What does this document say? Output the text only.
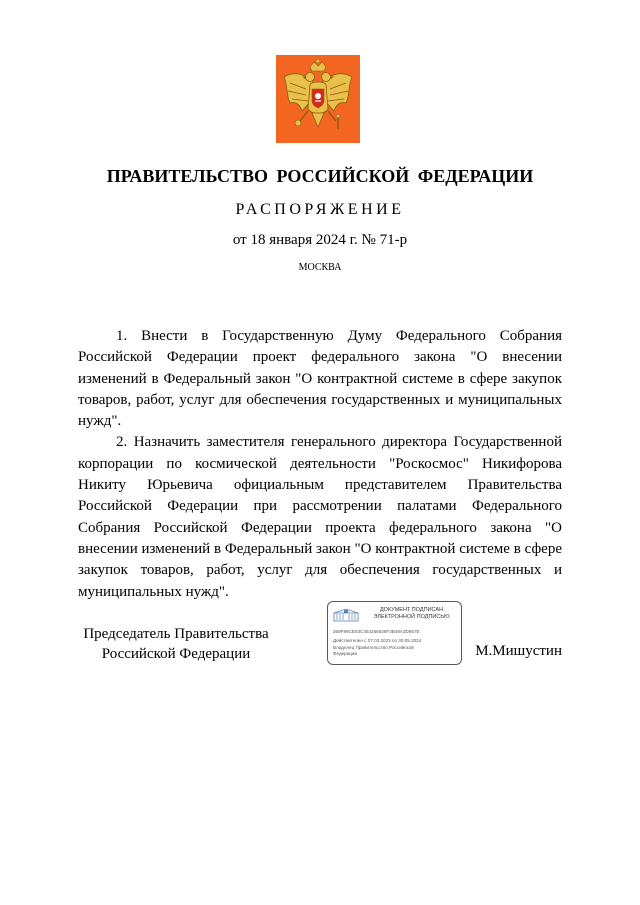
ПРАВИТЕЛЬСТВО РОССИЙСКОЙ ФЕДЕРАЦИИ
РАСПОРЯЖЕНИЕ
от 18 января 2024 г. № 71-р
МОСКВА

1. Внести в Государственную Думу Федерального Собрания Российской Федерации проект федерального закона "О внесении изменений в Федеральный закон "О контрактной системе в сфере закупок товаров, работ, услуг для обеспечения государственных и муниципальных нужд".

2. Назначить заместителя генерального директора Государственной корпорации по космической деятельности "Роскосмос" Никифорова Никиту Юрьевича официальным представителем Правительства Российской Федерации при рассмотрении палатами Федерального Собрания Российской Федерации проекта федерального закона "О внесении изменений в Федеральный закон "О контрактной системе в сфере закупок товаров, работ, услуг для обеспечения государственных и муниципальных нужд".

Председатель Правительства
Российской Федерации
ДОКУМЕНТ ПОДПИСАН
ЭЛЕКТРОННОЙ ПОДПИСЬЮ
269F99CE53C464266636F3B48A3D867E
Действителен с 07.03.2023 по 30.05.2024
Владелец Правительство Российской
Федерации	М.Мишустин
